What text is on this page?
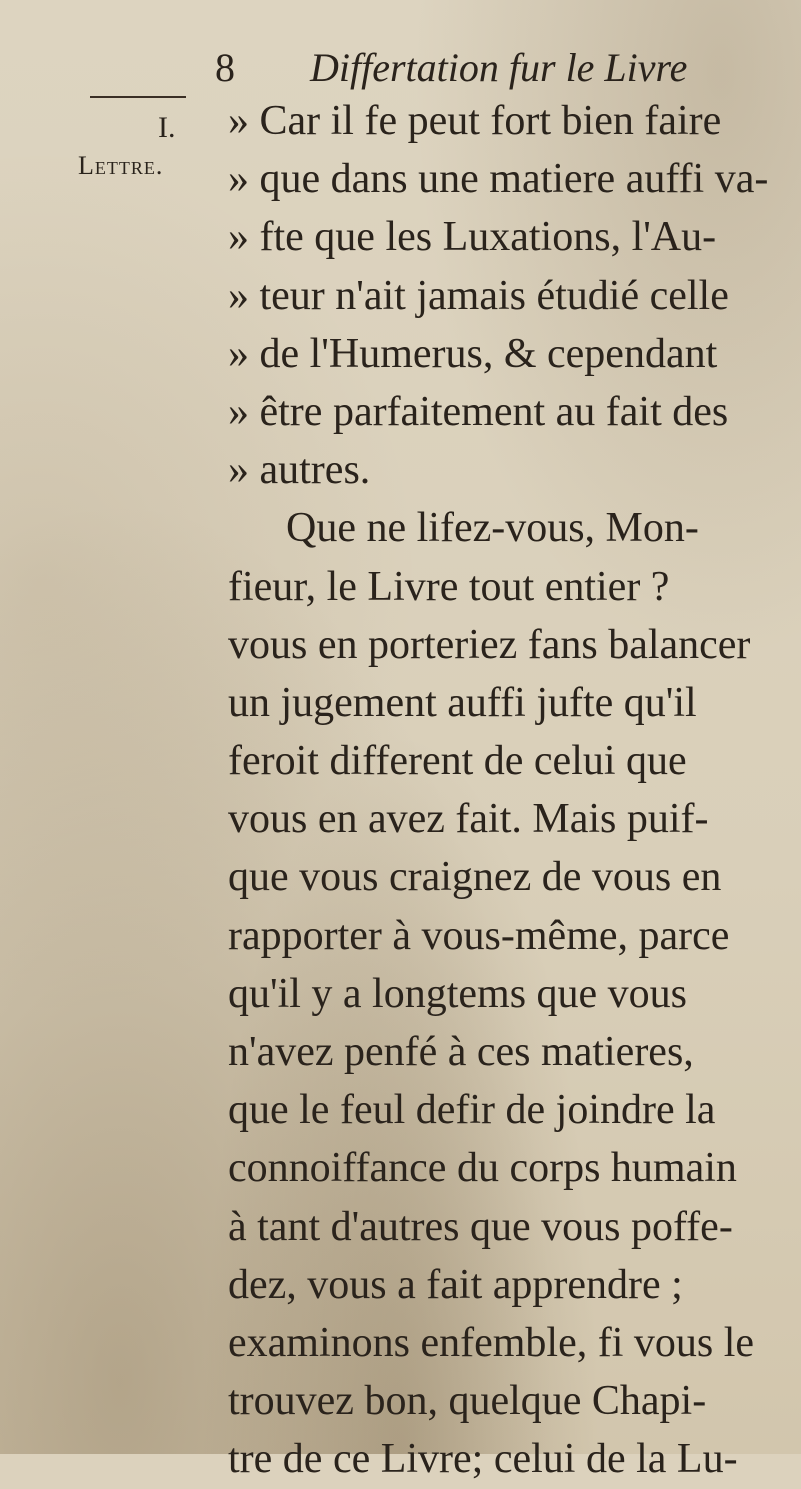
8 Differtation fur le Livre
I.
Lettre.
» Car il fe peut fort bien faire
» que dans une matiere auffi va-
» fte que les Luxations, l'Au-
» teur n'ait jamais étudié celle
» de l'Humerus, & cependant
» être parfaitement au fait des
» autres.
Que ne lifez-vous, Mon-
fieur, le Livre tout entier ?
vous en porteriez fans balancer
un jugement auffi jufte qu'il
feroit different de celui que
vous en avez fait. Mais puif-
que vous craignez de vous en
rapporter à vous-même, parce
qu'il y a longtems que vous
n'avez penfé à ces matieres,
que le feul defir de joindre la
connoiffance du corps humain
à tant d'autres que vous poffe-
dez, vous a fait apprendre ;
examinons enfemble, fi vous le
trouvez bon, quelque Chapi-
tre de ce Livre; celui de la Lu-
